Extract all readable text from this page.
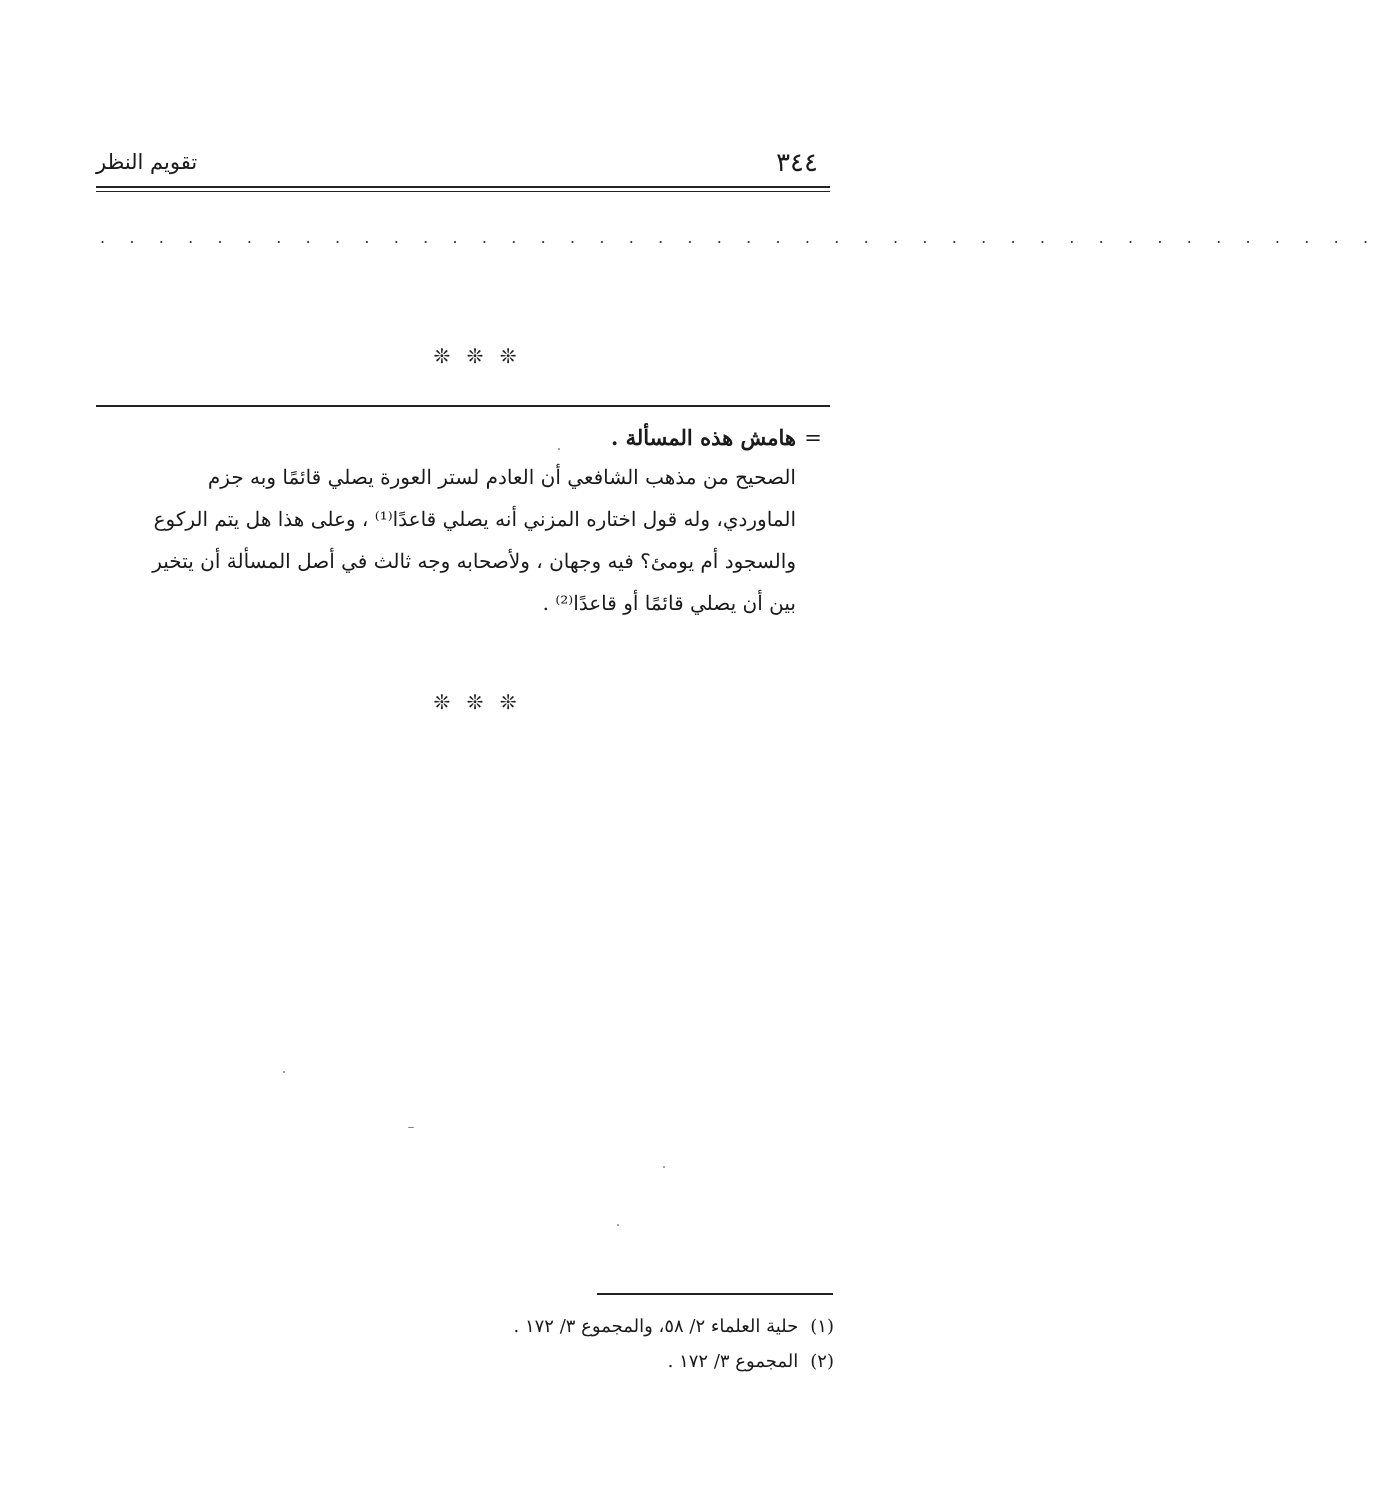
٣٤٤
تقويم النظر
. . . . . . . . . . . . . . . . . . . . . . . . . . . . . . . . . . . . . . . . . . . .
❊ ❊ ❊
=هامش هذه المسألة .
الصحيح من مذهب الشافعي أن العادم لستر العورة يصلي قائمًا وبه جزم
الماوردي، وله قول اختاره المزني أنه يصلي قاعدًا⁽¹⁾ ، وعلى هذا هل يتم الركوع
والسجود أم يومئ؟ فيه وجهان ، ولأصحابه وجه ثالث في أصل المسألة أن يتخير
بين أن يصلي قائمًا أو قاعدًا⁽²⁾ .
❊ ❊ ❊
(١)حلية العلماء ٢/ ٥٨، والمجموع ٣/ ١٧٢ .
(٢)المجموع ٣/ ١٧٢ .
